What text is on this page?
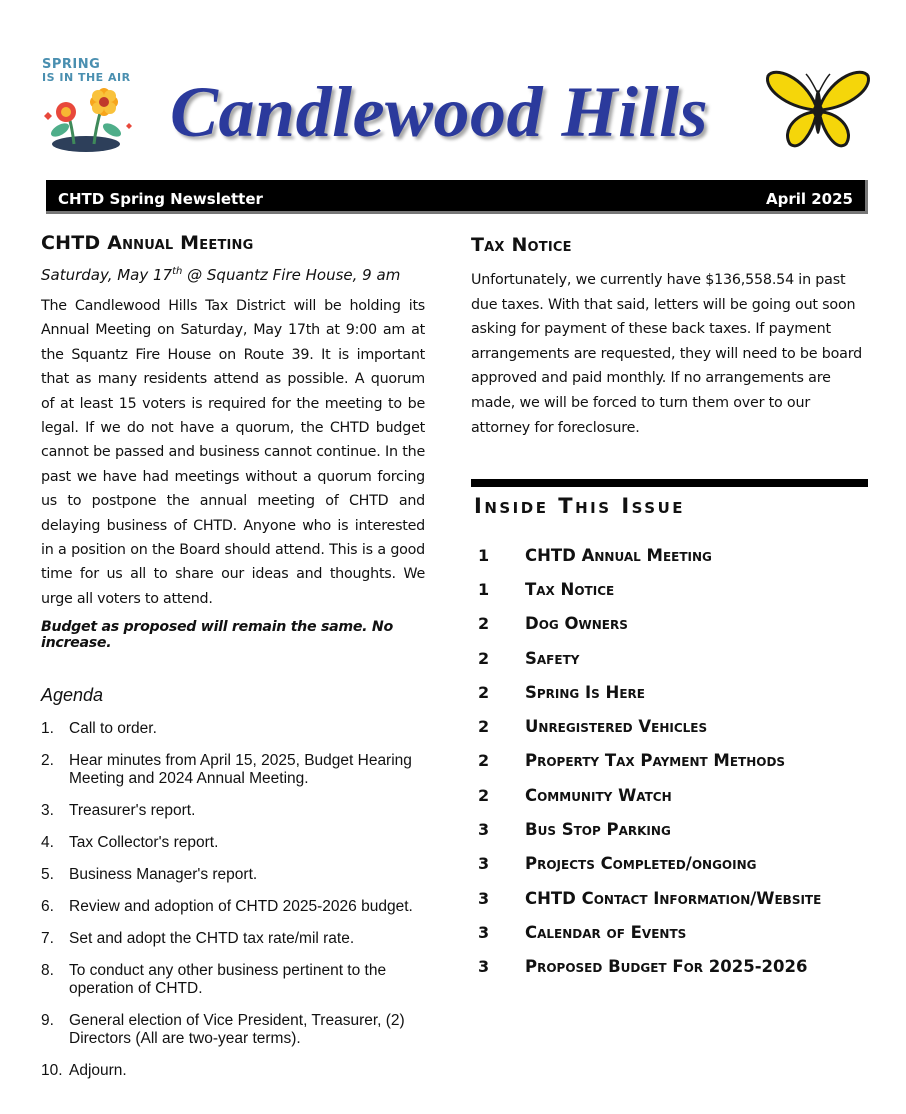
SPRING
IS IN THE AIR Candlewood Hills
CHTD Spring Newsletter	April 2025
CHTD Annual Meeting
Saturday, May 17th @ Squantz Fire House, 9 am

The Candlewood Hills Tax District will be holding its Annual Meeting on Saturday, May 17th at 9:00 am at the Squantz Fire House on Route 39. It is important that as many residents attend as possible. A quorum of at least 15 voters is required for the meeting to be legal. If we do not have a quorum, the CHTD budget cannot be passed and business cannot continue. In the past we have had meetings without a quorum forcing us to postpone the annual meeting of CHTD and delaying business of CHTD. Anyone who is interested in a position on the Board should attend. This is a good time for us all to share our ideas and thoughts. We urge all voters to attend.

Budget as proposed will remain the same. No increase.

Agenda
1. Call to order.
2. Hear minutes from April 15, 2025, Budget Hearing Meeting and 2024 Annual Meeting.
3. Treasurer's report.
4. Tax Collector's report.
5. Business Manager's report.
6. Review and adoption of CHTD 2025-2026 budget.
7. Set and adopt the CHTD tax rate/mil rate.
8. To conduct any other business pertinent to the operation of CHTD.
9. General election of Vice President, Treasurer, (2) Directors (All are two-year terms).
10. Adjourn.
Tax Notice

Unfortunately, we currently have $136,558.54 in past due taxes. With that said, letters will be going out soon asking for payment of these back taxes. If payment arrangements are requested, they will need to be board approved and paid monthly. If no arrangements are made, we will be forced to turn them over to our attorney for foreclosure.

Inside This Issue
1	CHTD Annual Meeting
1	Tax Notice
2	Dog Owners
2	Safety
2	Spring Is Here
2	Unregistered Vehicles
2	Property Tax Payment Methods
2	Community Watch
3	Bus Stop Parking
3	Projects Completed/ongoing
3	CHTD Contact Information/Website
3	Calendar of Events
3	Proposed Budget For 2025-2026
